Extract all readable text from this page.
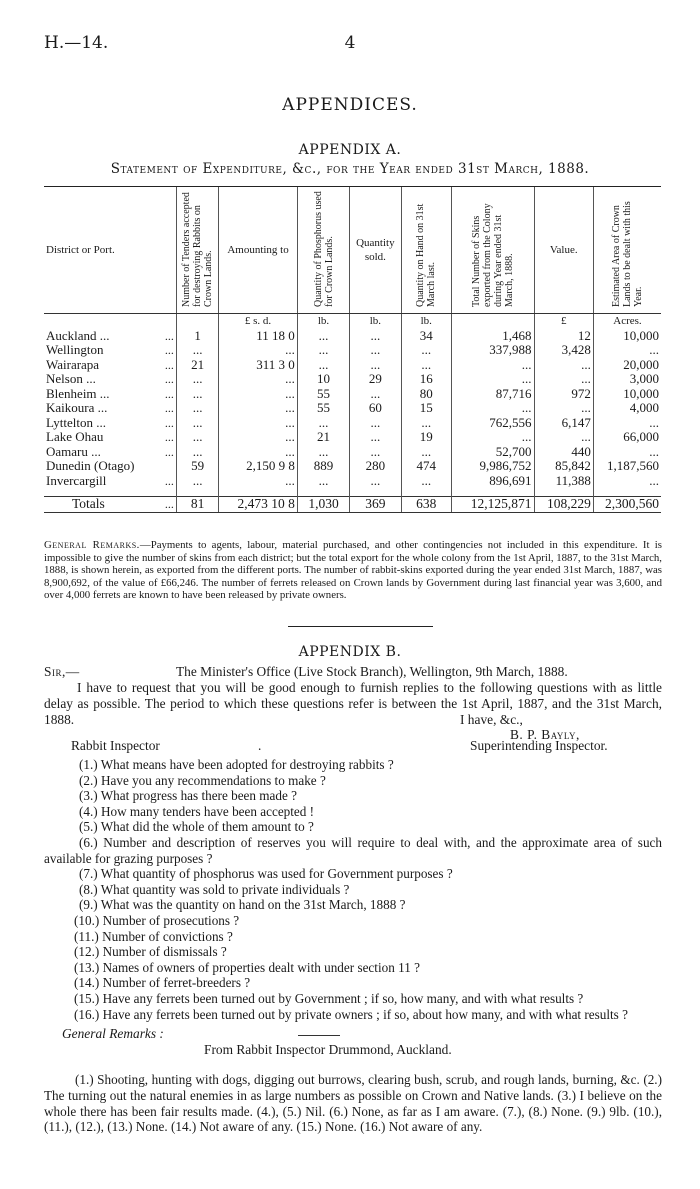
H.—14.	4
APPENDICES.
APPENDIX A.
Statement of Expenditure, &c., for the Year ended 31st March, 1888.
District or Port.		Number of Tenders accepted for destroying Rabbits on Crown Lands.	Amounting to	Quantity of Phosphorus used for Crown Lands.	Quantity sold.	Quantity on Hand on 31st March last.	Total Number of Skins exported from the Colony during Year ended 31st March, 1888.	Value.	Estimated Area of Crown Lands to be dealt with this Year.
			£ s. d.	lb.	lb.	lb.		£	Acres.
Auckland ...	...	1	11 18 0	...	...	34	1,468	12	10,000
Wellington	...	...	...	...	...	...	337,988	3,428	...
Wairarapa	...	21	311 3 0	...	...	...	...	...	20,000
Nelson ...	...	...	...	10	29	16	...	...	3,000
Blenheim ...	...	...	...	55	...	80	87,716	972	10,000
Kaikoura ...	...	...	...	55	60	15	...	...	4,000
Lyttelton ...	...	...	...	...	...	...	762,556	6,147	...
Lake Ohau	...	...	...	21	...	19	...	...	66,000
Oamaru ...	...	...	...	...	...	...	52,700	440	...
Dunedin (Otago)		59	2,150 9 8	889	280	474	9,986,752	85,842	1,187,560
Invercargill	...	...	...	...	...	...	896,691	11,388	...

Totals	...	81	2,473 10 8	1,030	369	638	12,125,871	108,229	2,300,560
General Remarks.—Payments to agents, labour, material purchased, and other contingencies not included in this expenditure. It is impossible to give the number of skins from each district; but the total export for the whole colony from the 1st April, 1887, to the 31st March, 1888, is shown herein, as exported from the different ports. The number of rabbit-skins exported during the year ended 31st March, 1887, was 8,900,692, of the value of £66,246. The number of ferrets released on Crown lands by Government during last financial year was 3,600, and over 4,000 ferrets are known to have been released by private owners.
APPENDIX B.
Sir,—	The Minister's Office (Live Stock Branch), Wellington, 9th March, 1888.
I have to request that you will be good enough to furnish replies to the following questions with as little delay as possible. The period to which these questions refer is between the 1st April, 1887, and the 31st March, 1888.	I have, &c.,
B. P. Bayly,
Rabbit Inspector	.	Superintending Inspector.
(1.) What means have been adopted for destroying rabbits ?
(2.) Have you any recommendations to make ?
(3.) What progress has there been made ?
(4.) How many tenders have been accepted !
(5.) What did the whole of them amount to ?
(6.) Number and description of reserves you will require to deal with, and the approximate area of such available for grazing purposes ?
(7.) What quantity of phosphorus was used for Government purposes ?
(8.) What quantity was sold to private individuals ?
(9.) What was the quantity on hand on the 31st March, 1888 ?
(10.) Number of prosecutions ?
(11.) Number of convictions ?
(12.) Number of dismissals ?
(13.) Names of owners of properties dealt with under section 11 ?
(14.) Number of ferret-breeders ?
(15.) Have any ferrets been turned out by Government ; if so, how many, and with what results ?
(16.) Have any ferrets been turned out by private owners ; if so, about how many, and with what results ?
General Remarks :
From Rabbit Inspector Drummond, Auckland.
(1.) Shooting, hunting with dogs, digging out burrows, clearing bush, scrub, and rough lands, burning, &c. (2.) The turning out the natural enemies in as large numbers as possible on Crown and Native lands. (3.) I believe on the whole there has been fair results made. (4.), (5.) Nil. (6.) None, as far as I am aware. (7.), (8.) None. (9.) 9lb. (10.), (11.), (12.), (13.) None. (14.) Not aware of any. (15.) None. (16.) Not aware of any.
